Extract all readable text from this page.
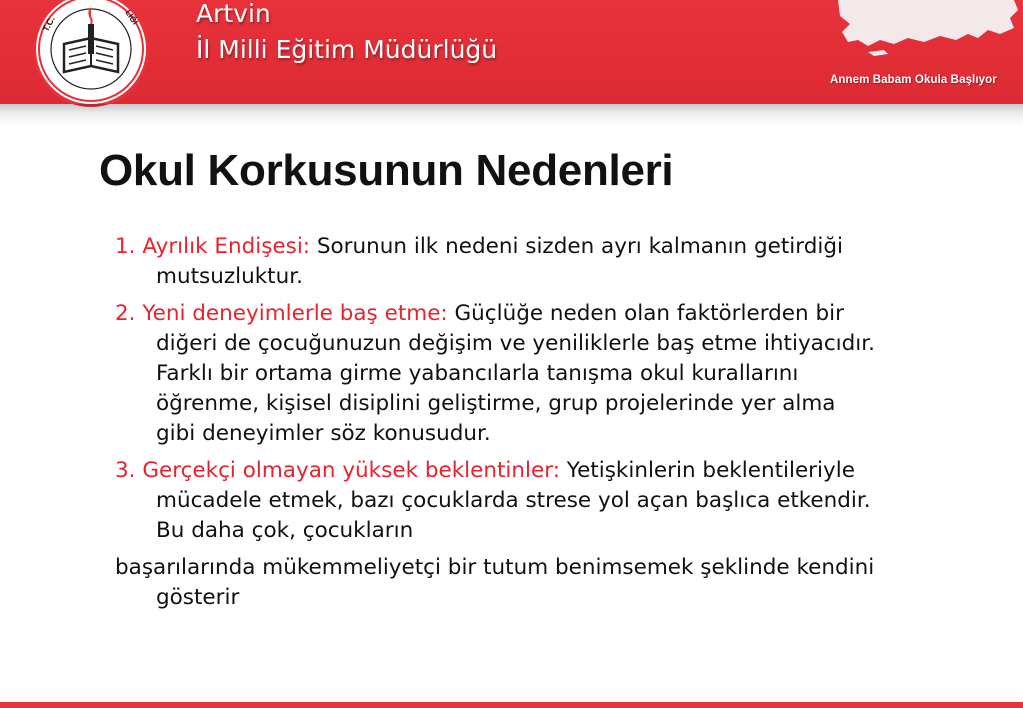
T.C.	LIĞI Artvin
İl Milli Eğitim Müdürlüğü
Annem Babam Okula Başlıyor
Okul Korkusunun Nedenleri

1. Ayrılık Endişesi: Sorunun ilk nedeni sizden ayrı kalmanın getirdiği mutsuzluktur.

2. Yeni deneyimlerle baş etme: Güçlüğe neden olan faktörlerden bir diğeri de çocuğunuzun değişim ve yeniliklerle baş etme ihtiyacıdır. Farklı bir ortama girme yabancılarla tanışma okul kurallarını öğrenme, kişisel disiplini geliştirme, grup projelerinde yer alma gibi deneyimler söz konusudur.

3. Gerçekçi olmayan yüksek beklentinler: Yetişkinlerin beklentileriyle mücadele etmek, bazı çocuklarda strese yol açan başlıca etkendir. Bu daha çok, çocukların

başarılarında mükemmeliyetçi bir tutum benimsemek şeklinde kendini gösterir
